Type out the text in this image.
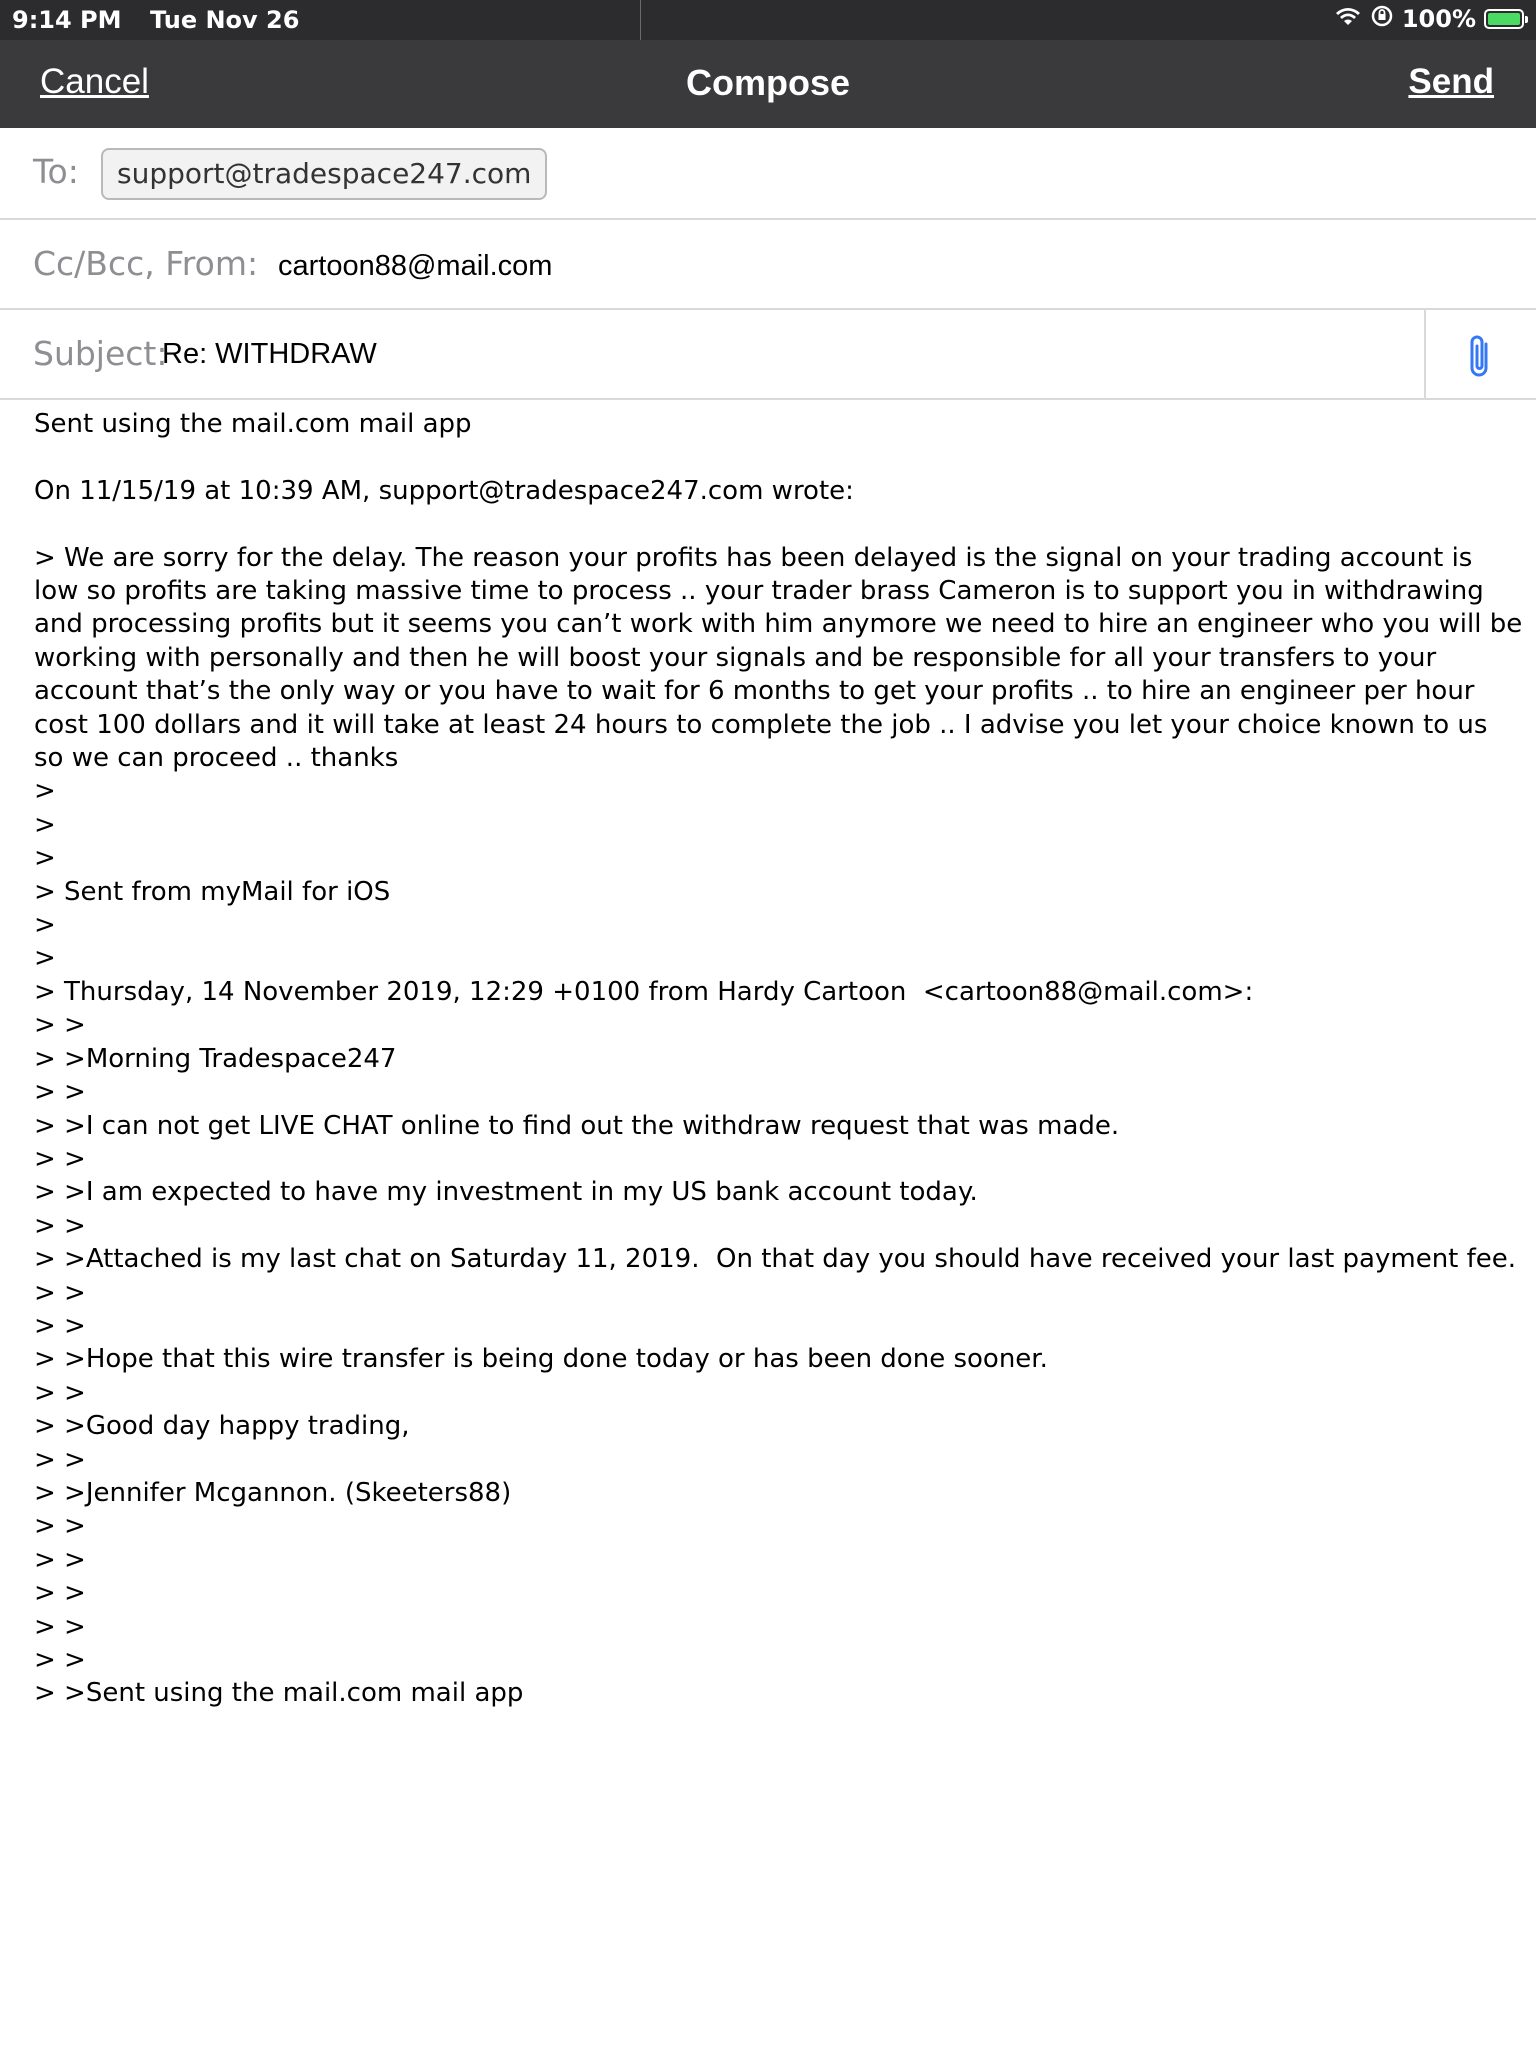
9:14 PM Tue Nov 26	100%
Cancel	Compose	Send
To:	support@tradespace247.com
Cc/Bcc, From: cartoon88@mail.com
Subject:
Re: WITHDRAW
Sent using the mail.com mail app
On 11/15/19 at 10:39 AM, support@tradespace247.com wrote:
> We are sorry for the delay. The reason your profits has been delayed is the signal on your trading account is low so profits are taking massive time to process .. your trader brass Cameron is to support you in withdrawing and processing profits but it seems you can’t work with him anymore we need to hire an engineer who you will be working with personally and then he will boost your signals and be responsible for all your transfers to your account that’s the only way or you have to wait for 6 months to get your profits .. to hire an engineer per hour cost 100 dollars and it will take at least 24 hours to complete the job .. I advise you let your choice known to us so we can proceed .. thanks
>
>
>
> Sent from myMail for iOS
>
>
> Thursday, 14 November 2019, 12:29 +0100 from Hardy Cartoon  <cartoon88@mail.com>:
> >
> >Morning Tradespace247
> >
> >I can not get LIVE CHAT online to find out the withdraw request that was made.
> >
> >I am expected to have my investment in my US bank account today.
> >
> >Attached is my last chat on Saturday 11, 2019.  On that day you should have received your last payment fee.
> >
> >
> >Hope that this wire transfer is being done today or has been done sooner.
> >
> >Good day happy trading,
> >
> >Jennifer Mcgannon. (Skeeters88)
> >
> >
> >
> >
> >
> >Sent using the mail.com mail app
